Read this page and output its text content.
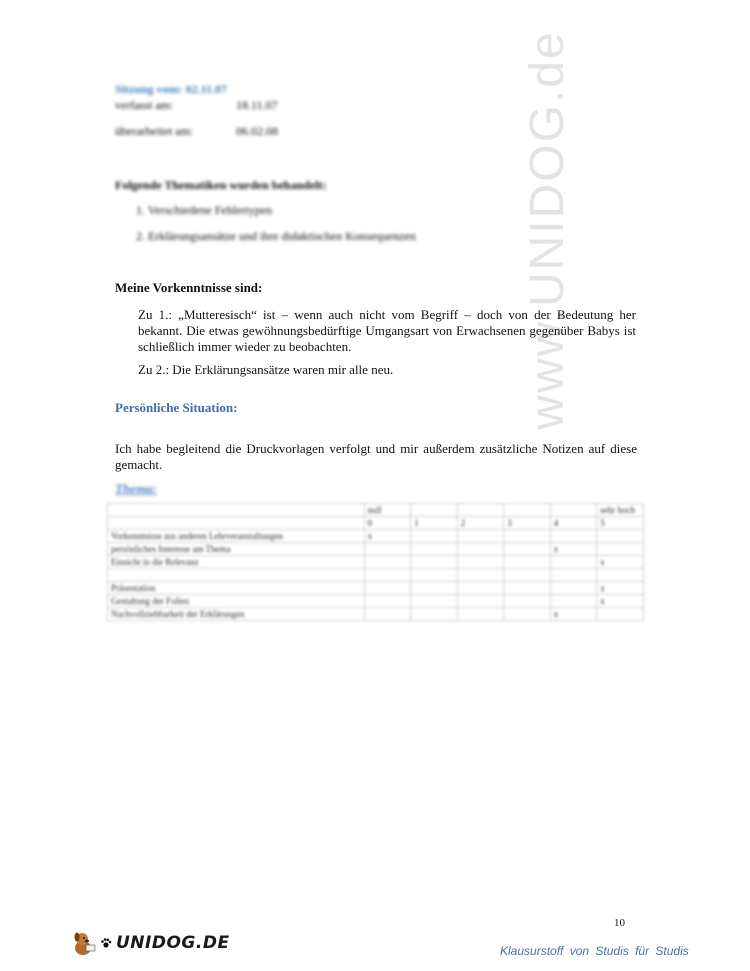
www.UNIDOG.de
Sitzung vom: 02.11.07
verfasst am:	18.11.07
überarbeitet am:	06.02.08
Folgende Thematiken wurden behandelt:
1. Verschiedene Fehlertypen
2. Erklärungsansätze und ihre didaktischen Konsequenzen
Meine Vorkenntnisse sind:
Zu 1.: „Mutteresisch“ ist – wenn auch nicht vom Begriff – doch von der Bedeutung her bekannt. Die etwas gewöhnungsbedürftige Umgangsart von Erwachsenen gegenüber Babys ist schließlich immer wieder zu beobachten.
Zu 2.: Die Erklärungsansätze waren mir alle neu.
Persönliche Situation:
Ich habe begleitend die Druckvorlagen verfolgt und mir außerdem zusätzliche Notizen auf diese gemacht.
Thema:
	null					sehr hoch
	0	1	2	3	4	5
Vorkenntnisse aus anderen Lehrveranstaltungen	x					
persönliches Interesse am Thema					x	
Einsicht in die Relevanz						x

Präsentation						x
Gestaltung der Folien						x
Nachvollziehbarkeit der Erklärungen					x	
10
UNIDOG.DE	Klausurstoff von Studis für Studis
